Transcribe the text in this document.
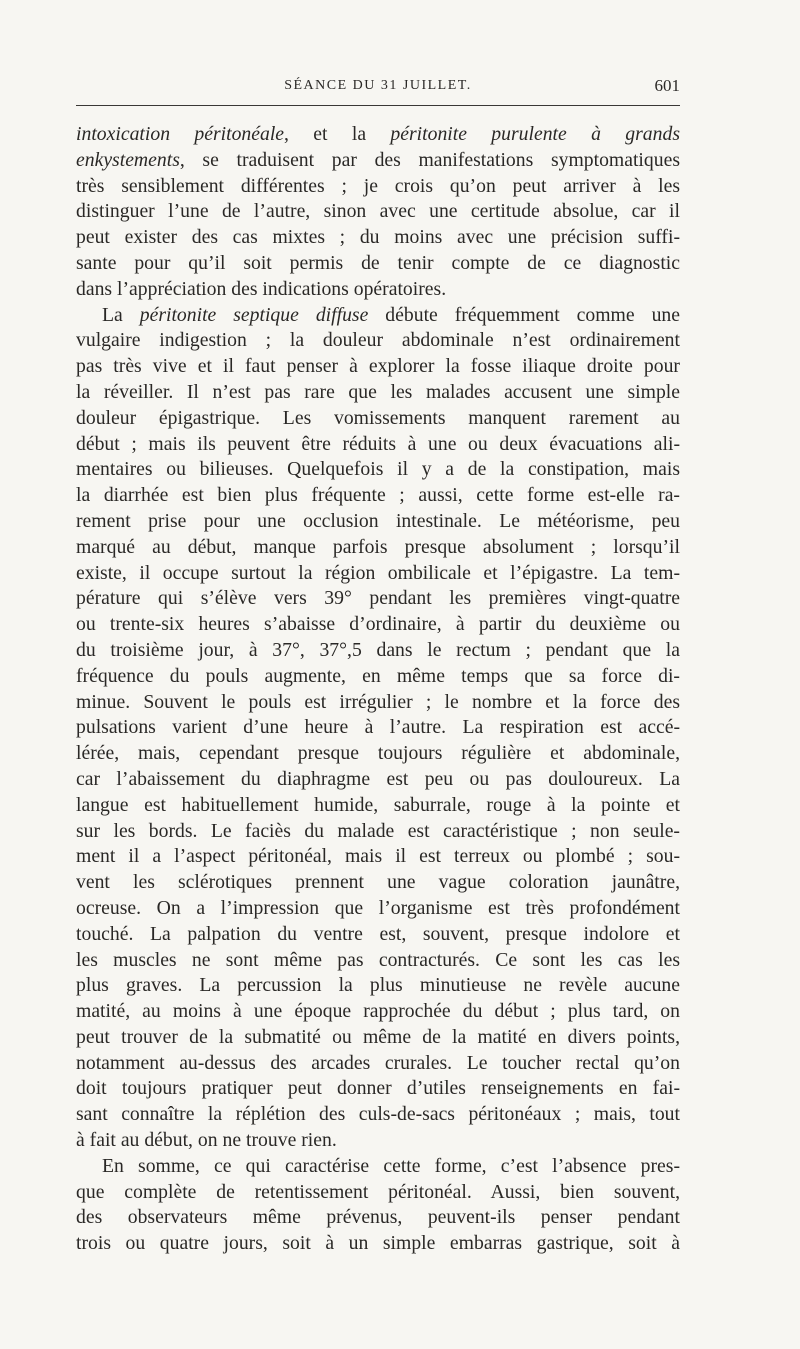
SÉANCE DU 31 JUILLET.	601
intoxication péritonéale, et la péritonite purulente à grands
enkystements, se traduisent par des manifestations symptomatiques
très sensiblement différentes ; je crois qu’on peut arriver à les
distinguer l’une de l’autre, sinon avec une certitude absolue, car il
peut exister des cas mixtes ; du moins avec une précision suffi-
sante pour qu’il soit permis de tenir compte de ce diagnostic
dans l’appréciation des indications opératoires.
La péritonite septique diffuse débute fréquemment comme une
vulgaire indigestion ; la douleur abdominale n’est ordinairement
pas très vive et il faut penser à explorer la fosse iliaque droite pour
la réveiller. Il n’est pas rare que les malades accusent une simple
douleur épigastrique. Les vomissements manquent rarement au
début ; mais ils peuvent être réduits à une ou deux évacuations ali-
mentaires ou bilieuses. Quelquefois il y a de la constipation, mais
la diarrhée est bien plus fréquente ; aussi, cette forme est-elle ra-
rement prise pour une occlusion intestinale. Le météorisme, peu
marqué au début, manque parfois presque absolument ; lorsqu’il
existe, il occupe surtout la région ombilicale et l’épigastre. La tem-
pérature qui s’élève vers 39° pendant les premières vingt-quatre
ou trente-six heures s’abaisse d’ordinaire, à partir du deuxième ou
du troisième jour, à 37°, 37°,5 dans le rectum ; pendant que la
fréquence du pouls augmente, en même temps que sa force di-
minue. Souvent le pouls est irrégulier ; le nombre et la force des
pulsations varient d’une heure à l’autre. La respiration est accé-
lérée, mais, cependant presque toujours régulière et abdominale,
car l’abaissement du diaphragme est peu ou pas douloureux. La
langue est habituellement humide, saburrale, rouge à la pointe et
sur les bords. Le faciès du malade est caractéristique ; non seule-
ment il a l’aspect péritonéal, mais il est terreux ou plombé ; sou-
vent les sclérotiques prennent une vague coloration jaunâtre,
ocreuse. On a l’impression que l’organisme est très profondément
touché. La palpation du ventre est, souvent, presque indolore et
les muscles ne sont même pas contracturés. Ce sont les cas les
plus graves. La percussion la plus minutieuse ne revèle aucune
matité, au moins à une époque rapprochée du début ; plus tard, on
peut trouver de la submatité ou même de la matité en divers points,
notamment au-dessus des arcades crurales. Le toucher rectal qu’on
doit toujours pratiquer peut donner d’utiles renseignements en fai-
sant connaître la réplétion des culs-de-sacs péritonéaux ; mais, tout
à fait au début, on ne trouve rien.
En somme, ce qui caractérise cette forme, c’est l’absence pres-
que complète de retentissement péritonéal. Aussi, bien souvent,
des observateurs même prévenus, peuvent-ils penser pendant
trois ou quatre jours, soit à un simple embarras gastrique, soit à
